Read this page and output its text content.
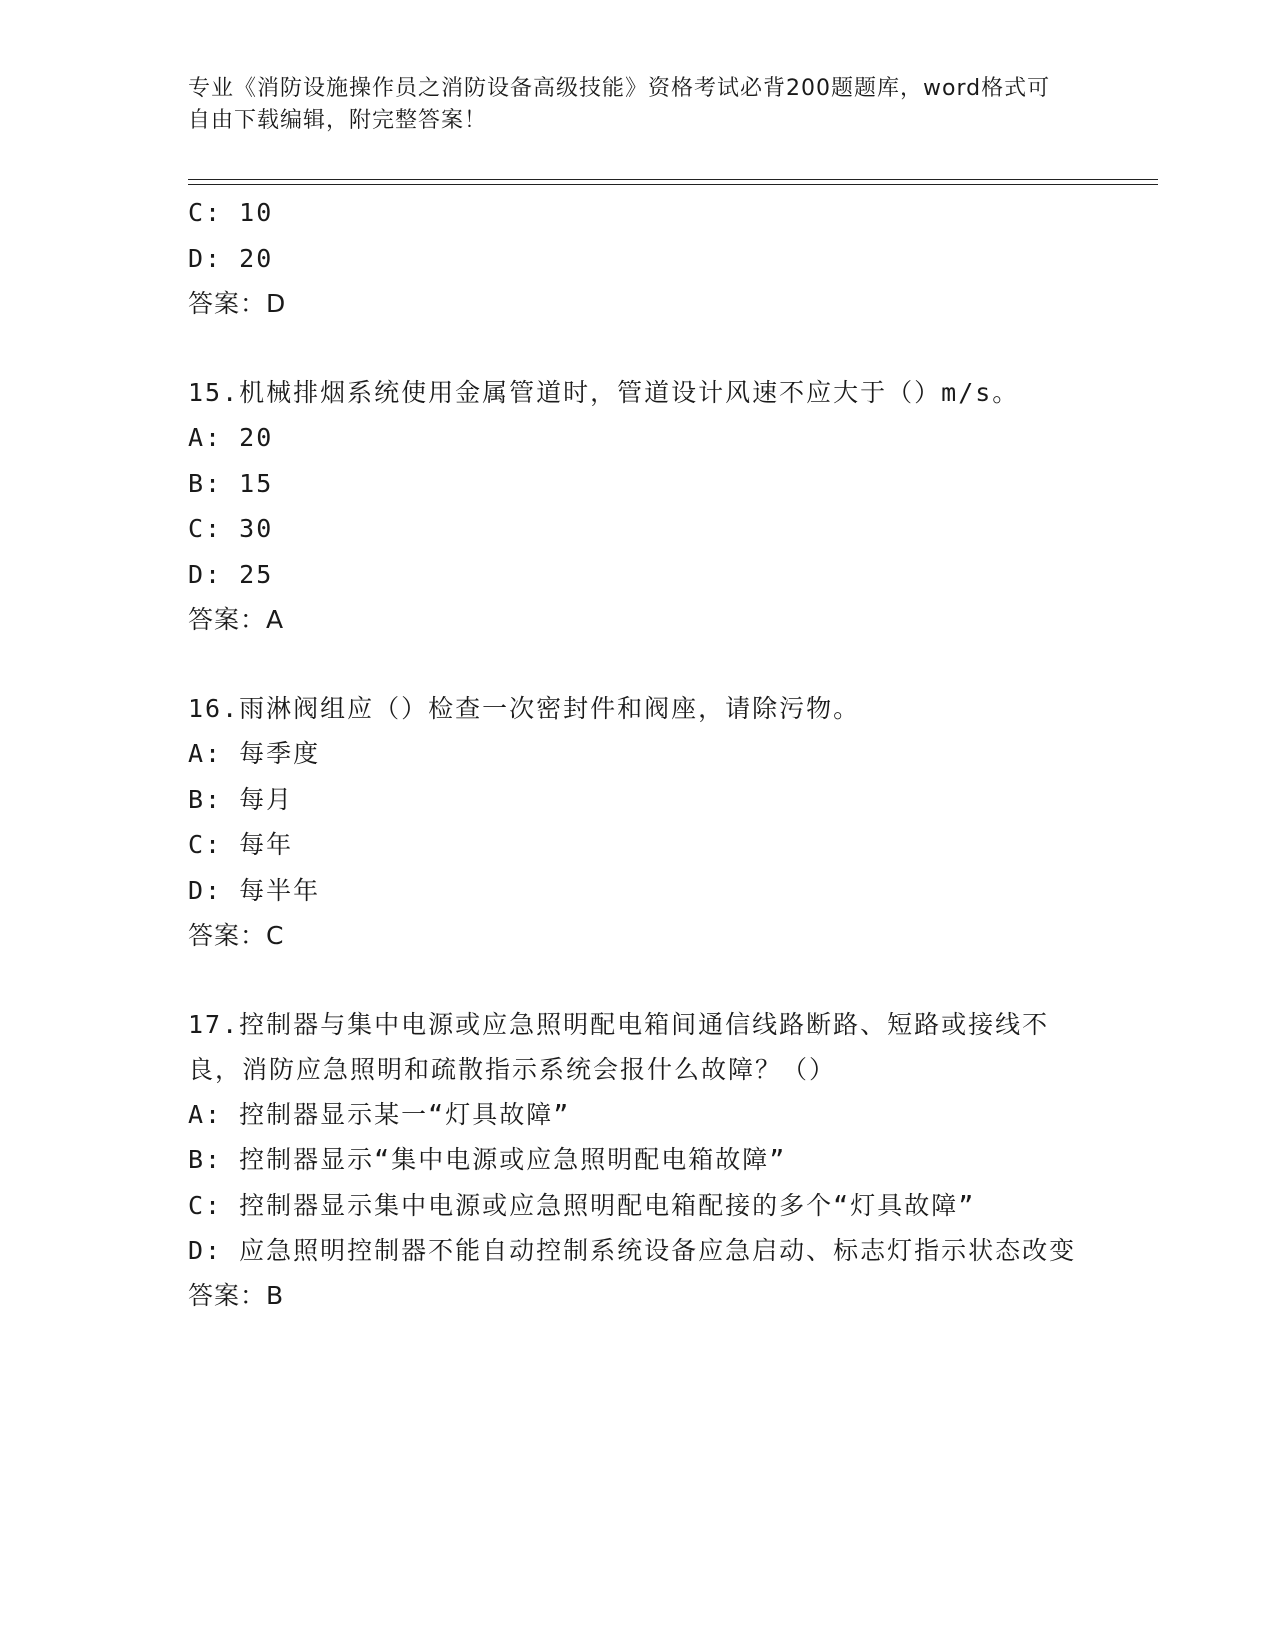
专业《消防设施操作员之消防设备高级技能》资格考试必背200题题库，word格式可自由下载编辑，附完整答案！
C: 10
D: 20
答案：D
15.机械排烟系统使用金属管道时，管道设计风速不应大于（）m/s。
A: 20
B: 15
C: 30
D: 25
答案：A
16.雨淋阀组应（）检查一次密封件和阀座，请除污物。
A: 每季度
B: 每月
C: 每年
D: 每半年
答案：C
17.控制器与集中电源或应急照明配电箱间通信线路断路、短路或接线不良，消防应急照明和疏散指示系统会报什么故障？（）
A: 控制器显示某一“灯具故障”
B: 控制器显示“集中电源或应急照明配电箱故障”
C: 控制器显示集中电源或应急照明配电箱配接的多个“灯具故障”
D: 应急照明控制器不能自动控制系统设备应急启动、标志灯指示状态改变
答案：B
